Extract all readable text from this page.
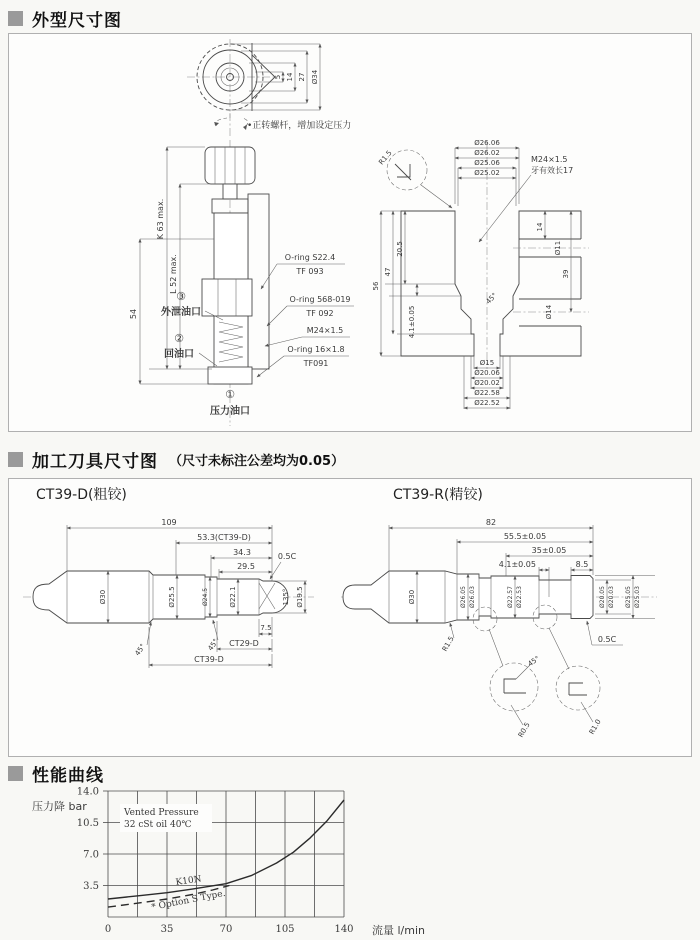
外型尺寸图
5 14 27 Ø34
•正转螺杆，增加设定压力
K 63 max.
L 52 max.
54
③
外泄油口
②
回油口
①
压力油口
O-ring S22.4
TF 093
O-ring 568-019
TF 092
M24×1.5
O-ring 16×1.8
TF091
Ø26.06
Ø26.02
Ø25.06
Ø25.02
M24×1.5
牙有效长17
R1.5
45°
56
47
20.5
4.1±0.05
14
Ø11
39
Ø14
Ø15
Ø20.06
Ø20.02
Ø22.58
Ø22.52
加工刀具尺寸图 （尺寸未标注公差均为0.05）
CT39-D(粗铰)
109
53.3(CT39-D)
34.3
29.5
0.5C
Ø30	Ø25.5	Ø24.5	Ø22.1	Ø19.5
135°
45°	45°
7.5
CT29-D
CT39-D
CT39-R(精铰)
82
55.5±0.05
35±0.05
4.1±0.05	8.5
Ø30	Ø26.05 Ø26.03	Ø22.57 Ø22.53	Ø20.05 Ø20.03 Ø25.05 Ø25.03
R1.5
45°
R0.5	R1.0
0.5C
性能曲线
压力降 bar	Vented Pressure
32 cSt oil 40℃
K10N
* Option S Type.
0	35	70	105	140
3.5
7.0
10.5
14.0
流量 l/min
